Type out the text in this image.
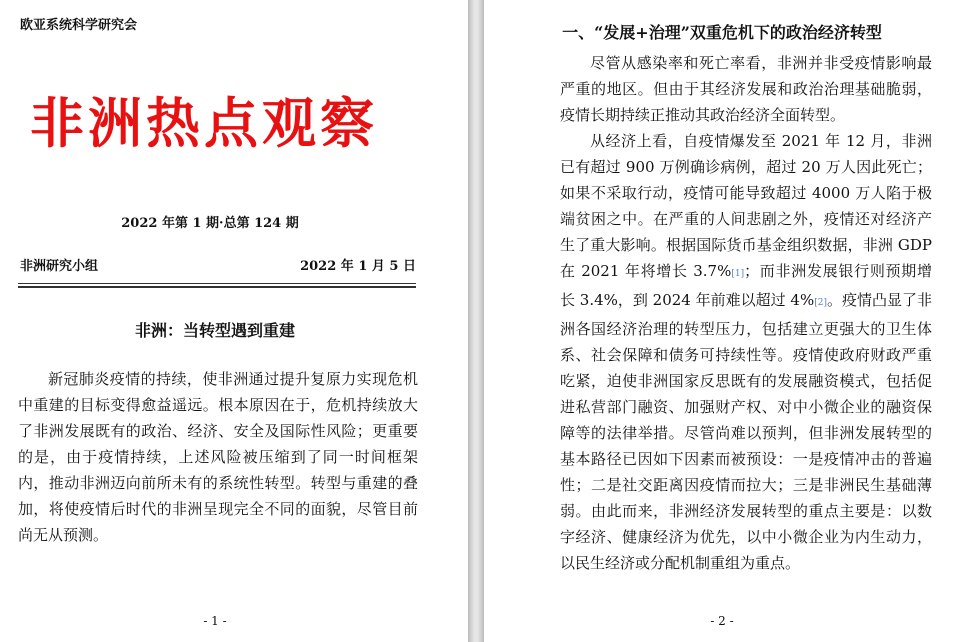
欧亚系统科学研究会
非洲热点观察
2022 年第 1 期·总第 124 期
非洲研究小组	2022 年 1 月 5 日
非洲：当转型遇到重建

新冠肺炎疫情的持续，使非洲通过提升复原力实现危机中重建的目标变得愈益遥远。根本原因在于，危机持续放大了非洲发展既有的政治、经济、安全及国际性风险；更重要的是，由于疫情持续，上述风险被压缩到了同一时间框架内，推动非洲迈向前所未有的系统性转型。转型与重建的叠加，将使疫情后时代的非洲呈现完全不同的面貌，尽管目前尚无从预测。

- 1 -
一、“发展+治理”双重危机下的政治经济转型

尽管从感染率和死亡率看，非洲并非受疫情影响最严重的地区。但由于其经济发展和政治治理基础脆弱，疫情长期持续正推动其政治经济全面转型。

从经济上看，自疫情爆发至 2021 年 12 月，非洲已有超过 900 万例确诊病例，超过 20 万人因此死亡；如果不采取行动，疫情可能导致超过 4000 万人陷于极端贫困之中。在严重的人间悲剧之外，疫情还对经济产生了重大影响。根据国际货币基金组织数据，非洲 GDP 在 2021 年将增长 3.7%[1]；而非洲发展银行则预期增长 3.4%，到 2024 年前难以超过 4%[2]。疫情凸显了非洲各国经济治理的转型压力，包括建立更强大的卫生体系、社会保障和债务可持续性等。疫情使政府财政严重吃紧，迫使非洲国家反思既有的发展融资模式，包括促进私营部门融资、加强财产权、对中小微企业的融资保障等的法律举措。尽管尚难以预判，但非洲发展转型的基本路径已因如下因素而被预设：一是疫情冲击的普遍性；二是社交距离因疫情而拉大；三是非洲民生基础薄弱。由此而来，非洲经济发展转型的重点主要是：以数字经济、健康经济为优先，以中小微企业为内生动力，以民生经济或分配机制重组为重点。

- 2 -
